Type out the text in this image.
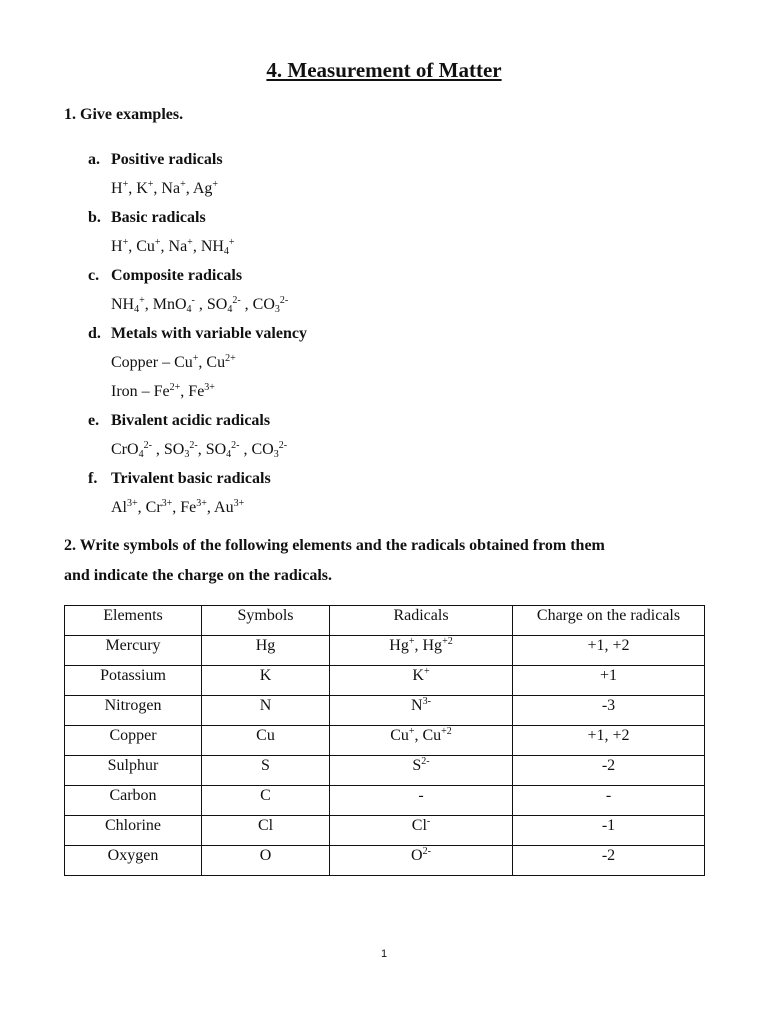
4. Measurement of Matter
1. Give examples.
a. Positive radicals
H+, K+, Na+, Ag+
b. Basic radicals
H+, Cu+, Na+, $NH_4^+$
c. Composite radicals
$NH_4^+$, MnO$_4$- , $SO_4^{2-}$ , $CO_3^{2-}$
d. Metals with variable valency
Copper – Cu+, $Cu^{2+}$
Iron – $Fe^{2+}$, $Fe^{3+}$
e. Bivalent acidic radicals
CrO$_4^{2-}$ , $SO_3^{2-}$, $SO_4^{2-}$ , $CO_3^{2-}$
f. Trivalent basic radicals
$Al^{3+}$, $Cr^{3+}$, $Fe^{3+}$, $Au^{3+}$
2. Write symbols of the following elements and the radicals obtained from them
and indicate the charge on the radicals.
Elements	Symbols	Radicals	Charge on the radicals
Mercury	Hg	Hg+, $Hg^{+2}$	+1, +2
Potassium	K	K+	+1
Nitrogen	N	$N^{3-}$	-3
Copper	Cu	Cu+, $Cu^{+2}$	+1, +2
Sulphur	S	$S^{2-}$	-2
Carbon	C	-	-
Chlorine	Cl	Cl-	-1
Oxygen	O	$O^{2-}$	-2
1
